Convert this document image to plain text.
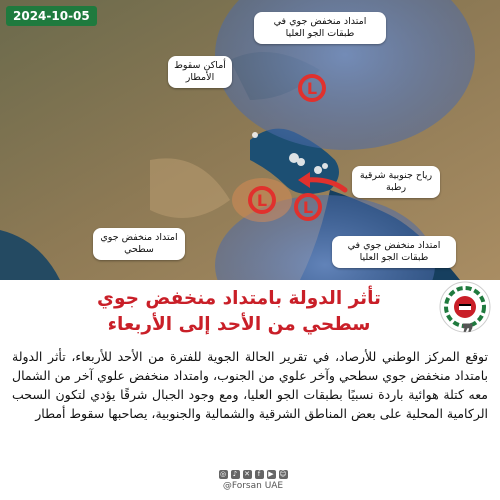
L
L L
2024-10-05	امتداد منخفض جوي في طبقات الجو العليا
أماكن سقوط الأمطار
رياح جنوبية شرقية رطبة
امتداد منخفض جوي سطحي	امتداد منخفض جوي في طبقات الجو العليا
تأثر الدولة بامتداد منخفض جوي سطحي من الأحد إلى الأربعاء	❞
توقع المركز الوطني للأرصاد، في تقرير الحالة الجوية للفترة من الأحد للأربعاء، تأثر الدولة بامتداد منخفض جوي سطحي وآخر علوي من الجنوب، وامتداد منخفض علوي آخر من الشمال معه كتلة هوائية باردة نسبيًا بطبقات الجو العليا، ومع وجود الجبال شرقًا يؤدي لتكون السحب الركامية المحلية على بعض المناطق الشرقية والشمالية والجنوبية، يصاحبها سقوط أمطار
◎ ♪ ✕	f	▶ ☺
@Forsan UAE
